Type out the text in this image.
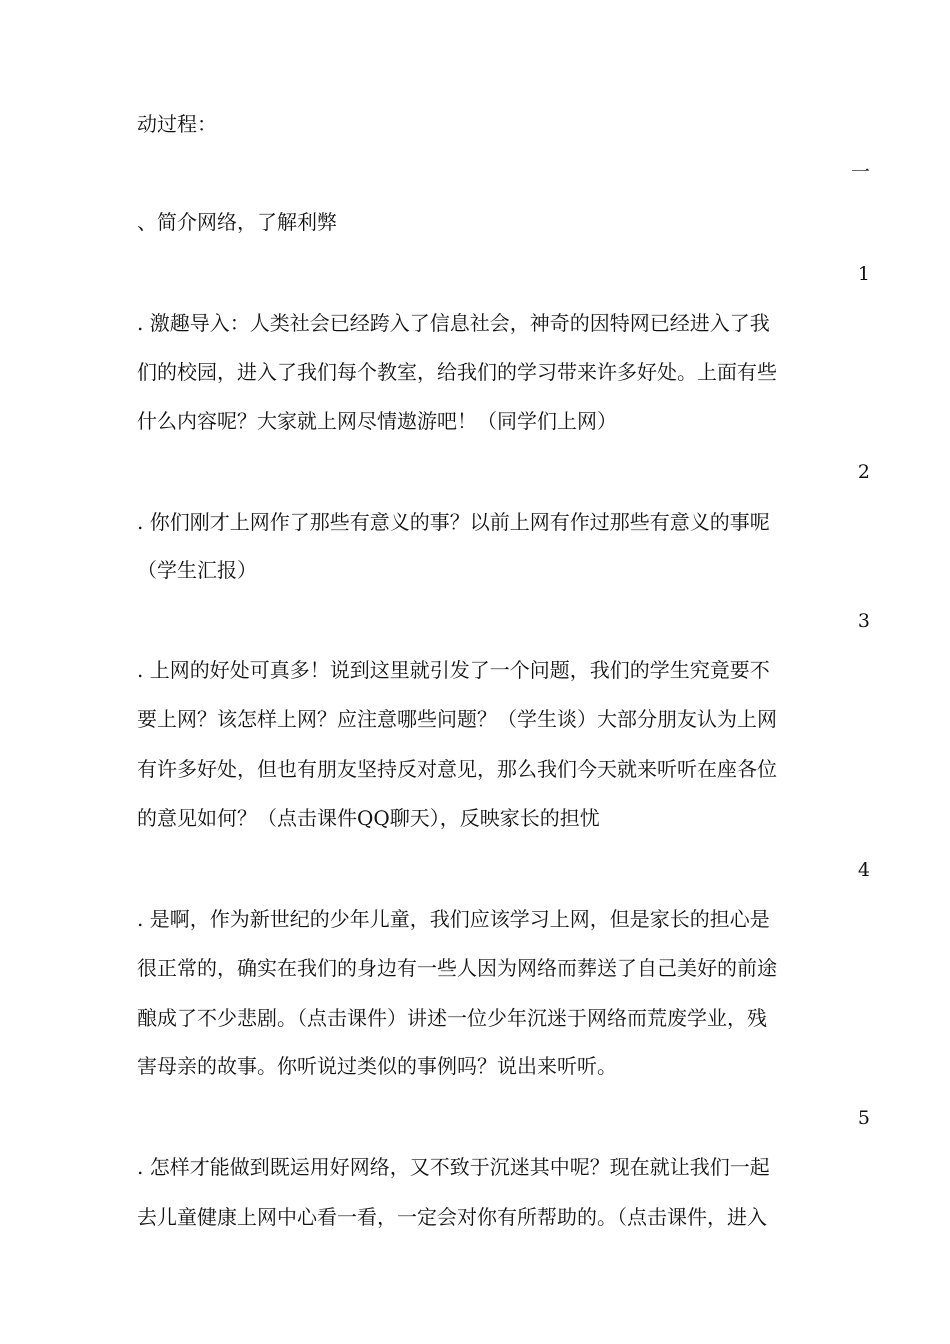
动过程：
一
、简介网络，了解利弊
1
. 激趣导入：人类社会已经跨入了信息社会，神奇的因特网已经进入了我
们的校园，进入了我们每个教室，给我们的学习带来许多好处。上面有些
什么内容呢？大家就上网尽情遨游吧！（同学们上网）
2
. 你们刚才上网作了那些有意义的事？以前上网有作过那些有意义的事呢
（学生汇报）
3
. 上网的好处可真多！说到这里就引发了一个问题，我们的学生究竟要不
要上网？该怎样上网？应注意哪些问题？（学生谈）大部分朋友认为上网
有许多好处，但也有朋友坚持反对意见，那么我们今天就来听听在座各位
的意见如何？（点击课件QQ聊天），反映家长的担忧
4
. 是啊，作为新世纪的少年儿童，我们应该学习上网，但是家长的担心是
很正常的，确实在我们的身边有一些人因为网络而葬送了自己美好的前途
酿成了不少悲剧。（点击课件）讲述一位少年沉迷于网络而荒废学业，残
害母亲的故事。你听说过类似的事例吗？说出来听听。
5
. 怎样才能做到既运用好网络，又不致于沉迷其中呢？现在就让我们一起
去儿童健康上网中心看一看，一定会对你有所帮助的。（点击课件，进入
